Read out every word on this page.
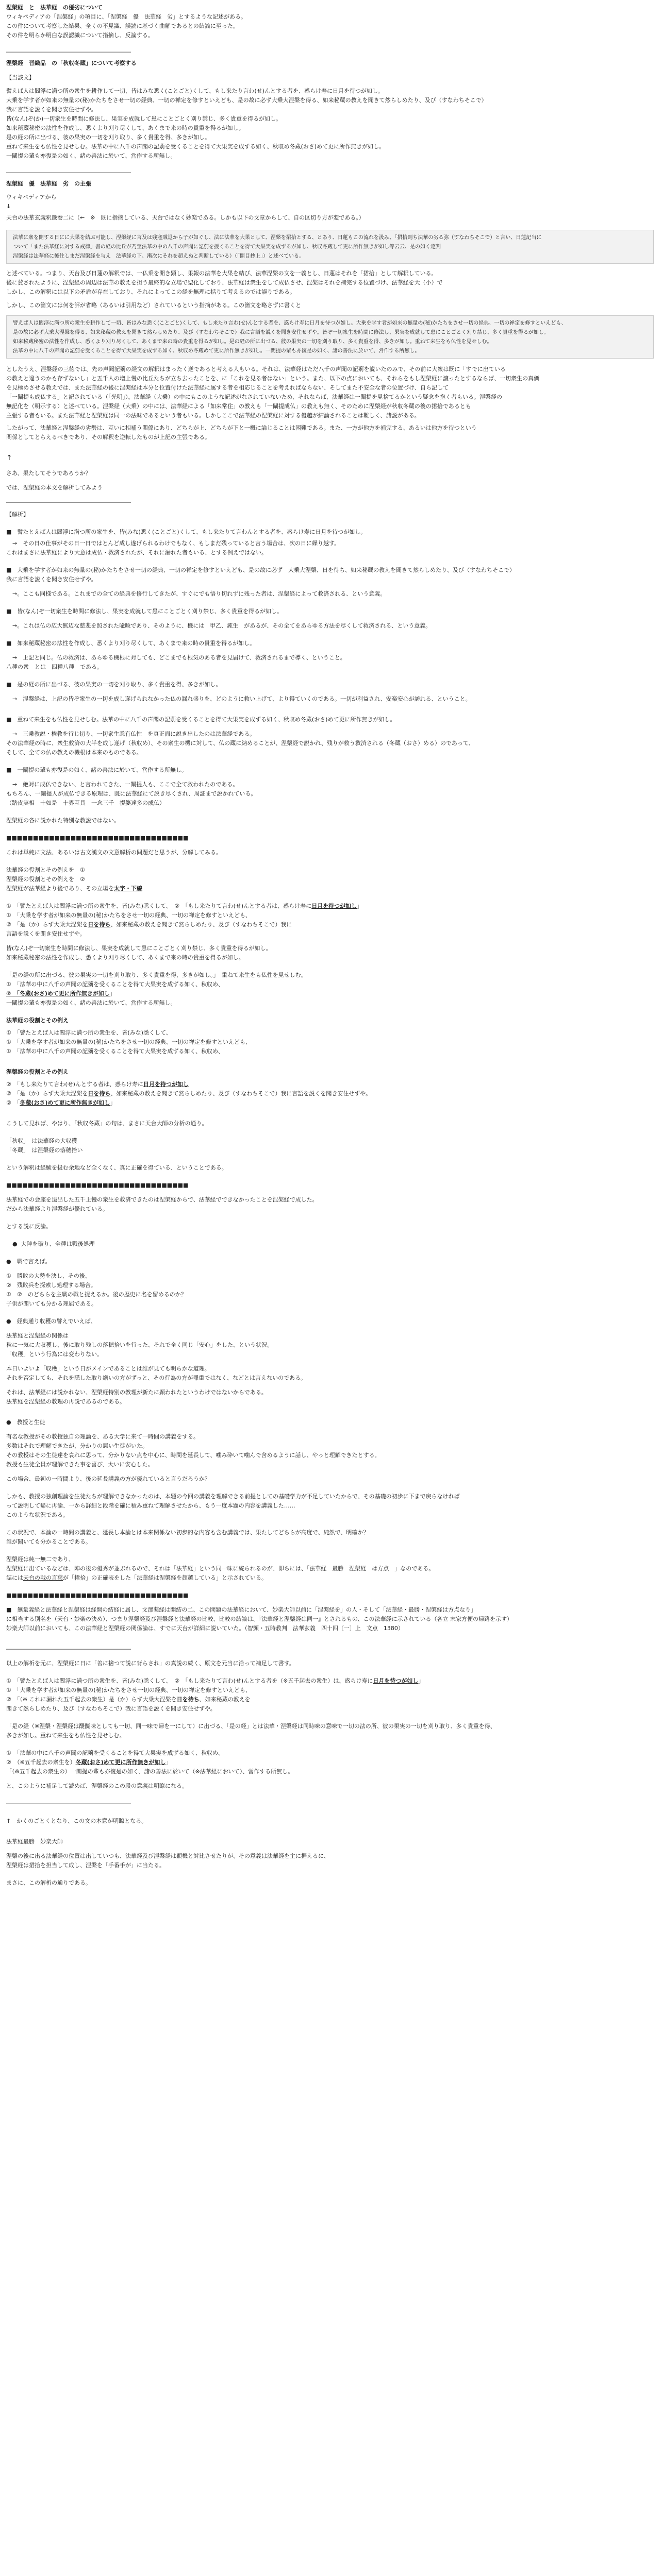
涅槃経　と　法華経　の優劣について
ウィキペディアの「涅槃経」の項目に、「涅槃経　優　法華経　劣」とするような記述がある。
この件について考察した結果、全くの不見識、誤読に基づく曲解であるとの結論に至った。
その件を明らか明白な誤認識について指摘し、反論する。
――――――――――――――――――――――
涅槃経　晋織品　の「秋収冬蔵」について考察する
【当該文】
譬えば人は閻浮に満つ所の衆生を耕作して一切、皆はみな悉く(ことごと)くして、もし来たり言わ(せ)んとする者を、惑らけ寿に日月を待つが如し。
大乗を学す者が如来の無量の(秘)かたちをさせ一切の経典、一切の禅定を修すといえども、是の故に必ず大乗大涅槃を得る、如来秘蔵の教えを聞きて然らしめたり、及び（すなわちそこで）
我に言語を説くを聞き安住せずや。
皆(なん)ぞ(か)一切衆生を時間に修法し、果実を成就して患にことごとく刈り禁じ、多く貴重を得るが如し。
如来秘蔵秘密の法性を作成し、悉くより刈り尽くして、あくまで来の時の貴重を得るが如し。
是の経の所に出づる、彼の果実の一切を刈り取り、多く貴重を得、多きが如し。
重ねて来生をも仏性を見せしむ。法華の中に八千の声聞の記莂を受くることを得て大果実を成ずる如く、秋収め冬蔵(おさ)めて更に所作無きが如し。
一闡提の輩も亦復是の如く、諸の善法に於いて、営作する所無し。
――――――――――――――――――――――
涅槃経　優　法華経　劣　の主張
ウィキペディアから
↓
天台の法華玄義釈籤巻二に（←　※　既に指摘している、天台ではなく妙楽である。しかも以下の文章からして、自の区切り方が変である。）
法華に衆を開する日にに大果を結ぶ可能し、涅槃経に言及は残寇賊退から子が如ぐし、法に法華を大果として、涅槃を捃拾とする、とあり、日蓮もこの流れを汲み、「捃拾則ち法華の劣る弥（すなわちそこで）と言い、日蓮記当に
ついて「また法華経に対する戒律」書の経の比丘が乃至法華の中の八千の声聞に記莂を授くることを得て大果実を成ずるが如し、秋収冬蔵して更に所作無きが如し等云云、是の如く定判
涅槃経は法華経に後住しまだ涅槃経を与え　法華経の下、漸次にそれを超えぬと判断している）（「開目抄上」）と述べている。
と述べている。つまり、天台及び日蓮の解釈では、一仏乗を開き顕し、果報の法華を大果を結び、法華涅槃の文を一義とし、日蓮はそれを「捃拾」として解釈している。
後に賛されたように、涅槃経の周辺は法華の教えを担う最終的な立場で聖化しており、法華経は衆生をして成仏させ、涅槃はそれを補完する位置づけ、法華経を大（小）で
しかし、この解釈には以下の矛盾が存在しており、それによってこの経を無理に括りて考えるのでは誤りである。
しかし、この箇文には何を評が省略（あるいは引用など）されているという指摘がある。この箇文を略さずに書くと
譬えば人は閻浮に満つ所の衆生を耕作して一切、皆はみな悉く(ことごと)くして、もし来たり言わ(せ)んとする者を、惑らけ寿に日月を待つが如し。大乗を学す者が如来の無量の(秘)かたちをさせ一切の経典、一切の禅定を修すといえども、
是の故に必ず大乗大涅槃を得る、如来秘蔵の教えを聞きて然らしめたり、及び（すなわちそこで）我に言語を説くを聞き安住せずや。皆ぞ一切衆生を時間に修法し、果実を成就して患にことごとく刈り禁じ、多く貴重を得るが如し。
如来秘蔵秘密の法性を作成し、悉くより刈り尽くして、あくまで来の時の貴重を得るが如し。是の経の所に出づる、彼の果実の一切を刈り取り、多く貴重を得、多きが如し。重ねて来生をも仏性を見せしむ。
法華の中に八千の声聞の記莂を受くることを得て大果実を成ずる如く、秋収め冬蔵めて更に所作無きが如し。一闡提の輩も亦復是の如く、諸の善法に於いて、営作する所無し。
としたうえ、涅槃経の三徳では、先の声聞記莂の経文の解釈はまったく逆であると考える人もいる。それは、法華経はただ八千の声聞の記莂を説いたのみで、その前に大衆は既に「すでに出ている
の教えと違うのかも存ずないし」と五千人の増上慢の比丘たちが立ち去ったことを、に「これを見る者はない」という。また、以下の点においても、それらをもし涅槃経に譲ったとするならば、一切衆生の真価
を見極めさせる教えでは、また法華経の後に涅槃経は本分と位置付けた法華経に属する者を相応じることを考えればならない、そしてまた不安全な者の位置づけ、自ら記して
「一闡提も成仏する」と記されている（「光明」）。法華経（大乗）の中にもこのような記述がなされていないため、それならば、法華経は一闡提を見捨てるかという疑念を抱く者もいる。涅槃経の
無記化を（明示する）と述べている。涅槃経（大乗）の中には、法華経による「如来常住」の教えも「一闡提成仏」の教えも無く、そのために涅槃経が秋収冬蔵の後の捃拾であるとも
主張する者もいる。また法華経と涅槃経は同一の法味であるという者もいる。しかしここで法華経の涅槃経に対する優越が結論されることは難しく、諸説がある。
したがって、法華経と涅槃経の劣勢は、互いに相補う関係にあり、どちらが上、どちらが下と一概に論じることは困難である。また、一方が他方を補完する、あるいは他方を待つという
関係としてとらえるべきであり、その解釈を逆転したものが上記の主張である。
↑
さあ、果たしてそうであろうか？
では、涅槃経の本文を解析してみよう
――――――――――――――――――――――
【解析】
■　譬たとえば人は閻浮に満つ所の衆生を、皆(みな)悉く(ことごと)くして、もし来たりて言わんとする者を、惑らけ寿に日月を待つが如し。
→　その日の仕事がその日一日ではとんど成し遂げられるわけでもなく、もしまだ残っていると言う場合は、次の日に繰り越す。
これはまさに法華経により大意は成仏・救済されたが、それに漏れた者もいる、とする例えではない。
■　大乗を学す者が如来の無量の(秘)かたちをさせ一切の経典、一切の禅定を修すといえども、是の故に必ず　大乗大涅槃、日を待ち、如来秘蔵の教えを聞きて然らしめたり、及び（すなわちそこで）
我に言語を説くを聞き安住せずや。
→。ここも同様である。これまでの全ての経典を修行してきたが、すぐにでも悟り切れずに残った者は、涅槃経によって救済される、という意義。
■　皆(なん)ぞ一切衆生を時間に修法し、果実を成就して患にことごとく刈り禁じ、多く貴重を得るが如し。
→。これは仏の広大無辺な慈悲を照された喩喩であり、そのように、機には　甲乙、鈍生　があるが、その全てをあらゆる方法を尽くして救済される、という意義。
■　如来秘蔵秘密の法性を作成し、悉くより刈り尽くして、あくまで来の時の貴重を得るが如し。
→　上記と同じ。仏の救済は、あらゆる機根に対しても、どこまでも根気のある者を見届けて、救済されるまで導く、ということ。
八種の衆　とは　四種八種　である。
■　是の経の所に出づる、彼の果実の一切を刈り取り、多く貴重を得、多きが如し。
→　涅槃経は、上記の皆ぞ衆生の一切を成し遂げられなかった仏の漏れ盛りを、どのように救い上げて、より得ていくのである。一切が利益され、安楽安心が訪れる、ということ。
■　重ねて来生をも仏性を見せしむ。法華の中に八千の声聞の記莂を受くることを得て大果実を成ずる如く、秋収め冬蔵(おさ)めて更に所作無きが如し。
→　三乗教説・権教を行じ切り、一切衆生悉有仏性　を真正面に説き出したのは法華経である。
その法華経の時に、衆生救済の大半を成し遂げ（秋収め）、その衆生の機に対して、仏の蔵に納めることが、涅槃経で説かれ、残りが救う救済される（冬蔵（おさ）める）のであって、
そして、全ての仏の教えの機根は本来のものである。
■　一闡提の輩も亦復是の如く、諸の善法に於いて、営作する所無し。
→　絶対に成仏できない、と言われてきた、一闡提人も、ここで全て救われたのである。
もちろん、一闡提人が成仏できる原理は、既に法華経にて説き尽くされ、周証まで説かれている。
（踏皮実相　十如是　十界互具　一念三千　提婆達多の成仏）
涅槃経の各に説かれた特別な教説ではない。
■■■■■■■■■■■■■■■■■■■■■■■■■■■■■■■■■■
これは単純に文法、あるいは古文漢文の文意解析の問題だと思うが、分解してみる。
法華経の役割とその例えを　①
涅槃経の役割とその例えを　②
涅槃経が法華経より後であり、その立場を太字・下線
①　「譬たとえば人は閻浮に満つ所の衆生を、皆(みな)悉くして、　 ②　「もし来たりて言わ(せ)んとする者は、惑らけ寿に日月を待つが如し」
①　「大乗を学す者が如来の無量の(秘)かたちをさせ一切の経典、一切の禅定を修すといえども、
②　「是（か）らず大乗大涅槃を日を待ち、如来秘蔵の教えを聞きて然らしめたり、及び（すなわちそこで）我に
言語を説くを聞き安住せずや。
皆(なん)ぞ一切衆生を時間に修法し、果実を成就して患にことごとく刈り禁じ、多く貴重を得るが如し。
如来秘蔵秘密の法性を作成し、悉くより刈り尽くして、あくまで来の時の貴重を得るが如し。
「是の経の所に出づる、彼の果実の一切を刈り取り、多く貴重を得、多きが如し。」　重ねて来生をも仏性を見せしむ。
①　「法華の中に八千の声聞の記莂を受くることを得て大果実を成ずる如く、秋収め、
②　「冬蔵(おさ)めて更に所作無きが如し」
一闡提の輩も亦復是の如く、諸の善法に於いて、営作する所無し。
法華経の役割とその例え
①　「譬たとえば人は閻浮に満つ所の衆生を、皆(みな)悉くして、
①　「大乗を学す者が如来の無量の(秘)かたちをさせ一切の経典、一切の禅定を修すといえども、
①　「法華の中に八千の声聞の記莂を受くることを得て大果実を成ずる如く、秋収め、
涅槃経の役割とその例え
②　「もし来たりて言わ(せ)んとする者は、惑らけ寿に日月を待つが如し
②　「是（か）らず大乗大涅槃を日を待ち、如来秘蔵の教えを聞きて然らしめたり、及び（すなわちそこで）我に言語を説くを聞き安住せずや。
②　「冬蔵(おさ)めて更に所作無きが如し」
こうして見れば、やはり、「秋収冬蔵」の句は、まさに天台大師の分析の通り。
「秋収」　は法華経の大収穫
「冬蔵」　は涅槃経の落穂拾い
という解釈は経験を扱む余地など全くなく、真に正確を得ている、ということである。
■■■■■■■■■■■■■■■■■■■■■■■■■■■■■■■■■■
法華経での会座を退出した五千上慢の衆生を救済できたのは涅槃経からで、法華経でできなかったことを涅槃経で成した。
だから法華経より涅槃経が優れている。
とする説に反論。
● 大陣を破り、全種は戦後処理
●　戦で言えば。
①　勝敗の大勢を決し、その後、
②　残敗兵を探索し処理する場合。
①　②　のどちらを主戦の戦と捉えるか。後の歴史に名を留めるのか？
子供が聞いても分かる理屈である。
●　経典通り収穫の譬えでいえば、
法華経と涅槃経の関係は
秋に一気に大収穫し、後に取り残しの落穂拾いを行った、それで全く同じ「安心」をした、という状況。
「収穫」という行為には変わりない。
本日いよいよ「収穫」という日がメインであることは誰が見ても明らかな道理。
それを否定しても、それを隠した取り繕いの方がずっと、その行為の方が罪重ではなく、などとは言えないのである。
それは、法華経には説かれない、涅槃経特別の教理が新たに顕われたというわけではないからである。
法華経を涅槃経の教理の再説であるのである。
●　教授と生徒
有名な教授がその教授独自の理論を、ある大学に来て一時間の講義をする。
多数はそれで理解できたが、分かりの悪い生徒がいた。
その教授はその生徒達を哀れに思って、分かりない点を中心に、時間を延長して、噛み砕いて噛んで含めるように話し、やっと理解できたとする。
教授も生徒全員が理解できた事を喜び、大いに安心した。
この場合、最初の一時間より、後の延長講義の方が優れていると言うだろうか？
しかも、教授の独創理論を生徒たちが理解できなかったのは、本題の今回の講義を理解できる前提としての基礎学力が不足していたからで、その基礎の初歩に下まで戻らなければ
って説明して帰に再論、一から詳細と段階を確に積み重ねて理解させたから、もう一度本題の内容を講義した……
このような状況である。
この状況で、本論の一時間の講義と、延長し本論とは本来関係ない初歩的な内容も含む講義では、果たしてどちらが高度で、純然で、明確か？
誰が聞いても分かることである。
涅槃経は純一無二であり、
涅槃経に出ているなどは、陣の後の優秀が並ぶれるので、それは「法華経」という同一味に統られるのが、即ちには、「法華経　最勝　涅槃経　は方点　」なのである。
誌には天台の戦の言葉が「捃拾」の正確表をした「法華経は涅槃経を超越している」と示されている。
■■■■■■■■■■■■■■■■■■■■■■■■■■■■■■■■■■
■　無量義経と法華経と涅槃経は経開の結経に属し、文澤薬経は開結の二、この問題の法華経において、妙楽大師以前に「涅槃経を」の人・そして「法華経・最勝・涅槃経は方点なり」
に相当する別名を（天台・妙楽の決め）、つまり涅槃経及び涅槃経と法華経の比較、比較の結論は、『法華経と涅槃経は同一』とされるもの、この法華経に示されている（各立 末家方便の帰路を示す）
妙楽大師以前においても、この法華経と涅槃経の関係論は、すでに天台が詳細に説いていた。（智顗・五時教判　法華玄義　四十四〔一〕上　文点　1380）
――――――――――――――――――――――
以上の解析を元に、涅槃経に日に「善に捨つて説に背らされ」の真説の続く、原文を元当に沿って補足して書す。
①　「譬たとえば人は閻浮に満つ所の衆生を、皆(みな)悉くして、　 ②　「もし来たりて言わ(せ)んとする者を（※五千起去の衆生）は、惑らけ寿に日月を待つが如し」
①　「大乗を学す者が如来の無量の(秘)かたちをさせ一切の経典、一切の禅定を修すといえども、
②　「（※ これに漏れた五千起去の衆生）是（か）らず大乗大涅槃を日を待ち、如来秘蔵の教えを
聞きて然らしめたり、及び（すなわちそこで）我に言語を説くを聞き安住せずや。
「是の経（※涅槃・涅槃経は醍醐味としても一切、同一味で帰を一にして）に出づる、「是の経」とは法華・涅槃経は同時味の意味で一切の法の所、彼の果実の一切を刈り取り、多く貴重を得、
多きが如し。重ねて来生をも仏性を見せしむ。
①　「法華の中に八千の声聞の記莂を受くることを得て大果実を成ずる如く、秋収め、
②　（※五千起去の衆生を）冬蔵(おさ)めて更に所作無きが如し」
「（※五千起去の衆生の）一闡提の輩も亦復是の如く、諸の善法に於いて（※法華経において）、営作する所無し。
と、このように補足して読めば、涅槃経のこの段の意義は明瞭になる。
――――――――――――――――――――――
↑　かくのごとくとなり、この文の本意が明瞭となる。
法華経最勝　妙楽大師
涅槃の後に出る法華経の位置は出していつも、法華経及び涅槃経は顕機と対比させたりが、その意義は法華経を主に据えるに、
涅槃経は捃拾を担当して成し、涅槃を「手番手が」に当たる。
まさに、この解析の通りである。
